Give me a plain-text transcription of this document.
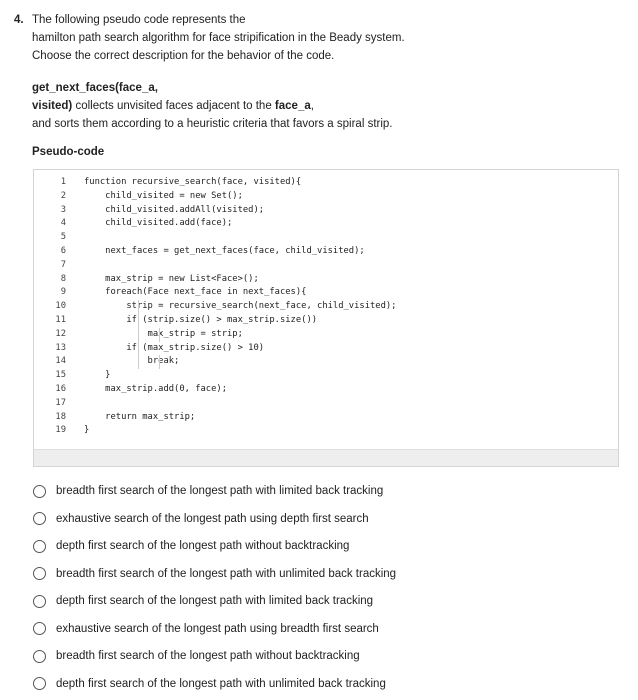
4. The following pseudo code represents the
hamilton path search algorithm for face stripification in the Beady system.
Choose the correct description for the behavior of the code.
get_next_faces(face_a,
visited) collects unvisited faces adjacent to the face_a,
and sorts them according to a heuristic criteria that favors a spiral strip.
Pseudo-code
1
2
3
4
5
6
7
8
9
10
11
12
13
14
15
16
17
18
19
function recursive_search(face, visited){
child_visited = new Set();
child_visited.addAll(visited);
child_visited.add(face);
next_faces = get_next_faces(face, child_visited);
max_strip = new List<Face>();
foreach(Face next_face in next_faces){
strip = recursive_search(next_face, child_visited);
if (strip.size() > max_strip.size())
max_strip = strip;
if (max_strip.size() > 10)
break;
}
max_strip.add(0, face);
return max_strip;
}
breadth first search of the longest path with limited back tracking
exhaustive search of the longest path using depth first search
depth first search of the longest path without backtracking
breadth first search of the longest path with unlimited back tracking
depth first search of the longest path with limited back tracking
exhaustive search of the longest path using breadth first search
breadth first search of the longest path without backtracking
depth first search of the longest path with unlimited back tracking
